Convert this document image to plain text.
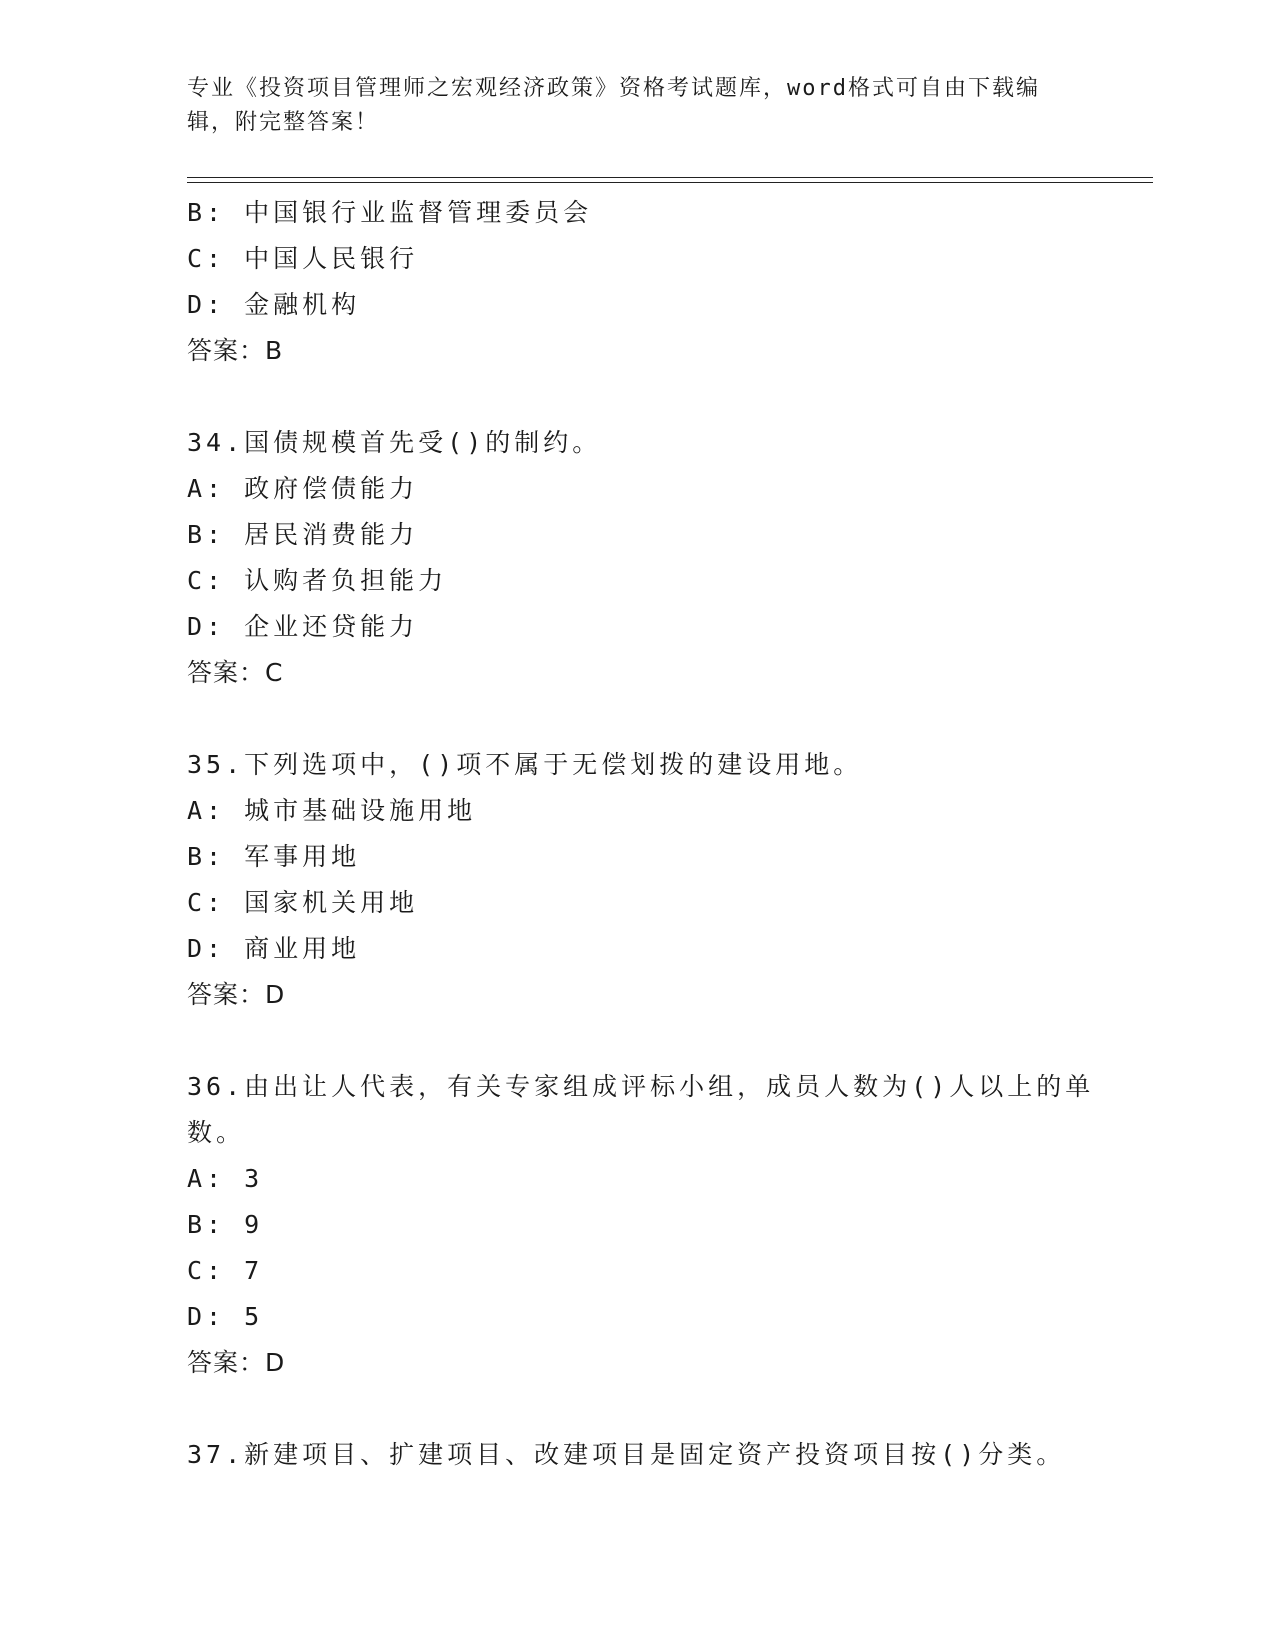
专业《投资项目管理师之宏观经济政策》资格考试题库，word格式可自由下载编
辑，附完整答案！
B: 中国银行业监督管理委员会
C: 中国人民银行
D: 金融机构
答案：B
34.国债规模首先受()的制约。
A: 政府偿债能力
B: 居民消费能力
C: 认购者负担能力
D: 企业还贷能力
答案：C
35.下列选项中，()项不属于无偿划拨的建设用地。
A: 城市基础设施用地
B: 军事用地
C: 国家机关用地
D: 商业用地
答案：D
36.由出让人代表，有关专家组成评标小组，成员人数为()人以上的单
数。
A: 3
B: 9
C: 7
D: 5
答案：D
37.新建项目、扩建项目、改建项目是固定资产投资项目按()分类。
